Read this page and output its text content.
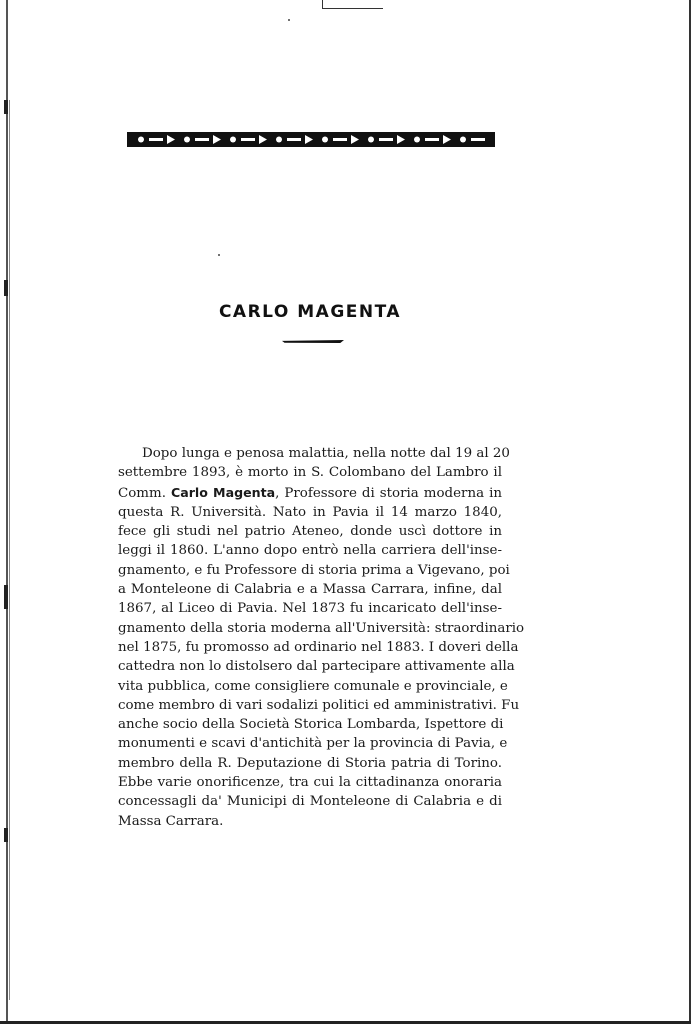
CARLO MAGENTA
Dopo lunga e penosa malattia, nella notte dal 19 al 20
settembre 1893, è morto in S. Colombano del Lambro il
Comm. Carlo Magenta, Professore di storia moderna in
questa R. Università. Nato in Pavia il 14 marzo 1840,
fece gli studi nel patrio Ateneo, donde uscì dottore in
leggi il 1860. L'anno dopo entrò nella carriera dell'inse-
gnamento, e fu Professore di storia prima a Vigevano, poi
a Monteleone di Calabria e a Massa Carrara, infine, dal
1867, al Liceo di Pavia. Nel 1873 fu incaricato dell'inse-
gnamento della storia moderna all'Università: straordinario
nel 1875, fu promosso ad ordinario nel 1883. I doveri della
cattedra non lo distolsero dal partecipare attivamente alla
vita pubblica, come consigliere comunale e provinciale, e
come membro di vari sodalizi politici ed amministrativi. Fu
anche socio della Società Storica Lombarda, Ispettore di
monumenti e scavi d'antichità per la provincia di Pavia, e
membro della R. Deputazione di Storia patria di Torino.
Ebbe varie onorificenze, tra cui la cittadinanza onoraria
concessagli da' Municipi di Monteleone di Calabria e di
Massa Carrara.
